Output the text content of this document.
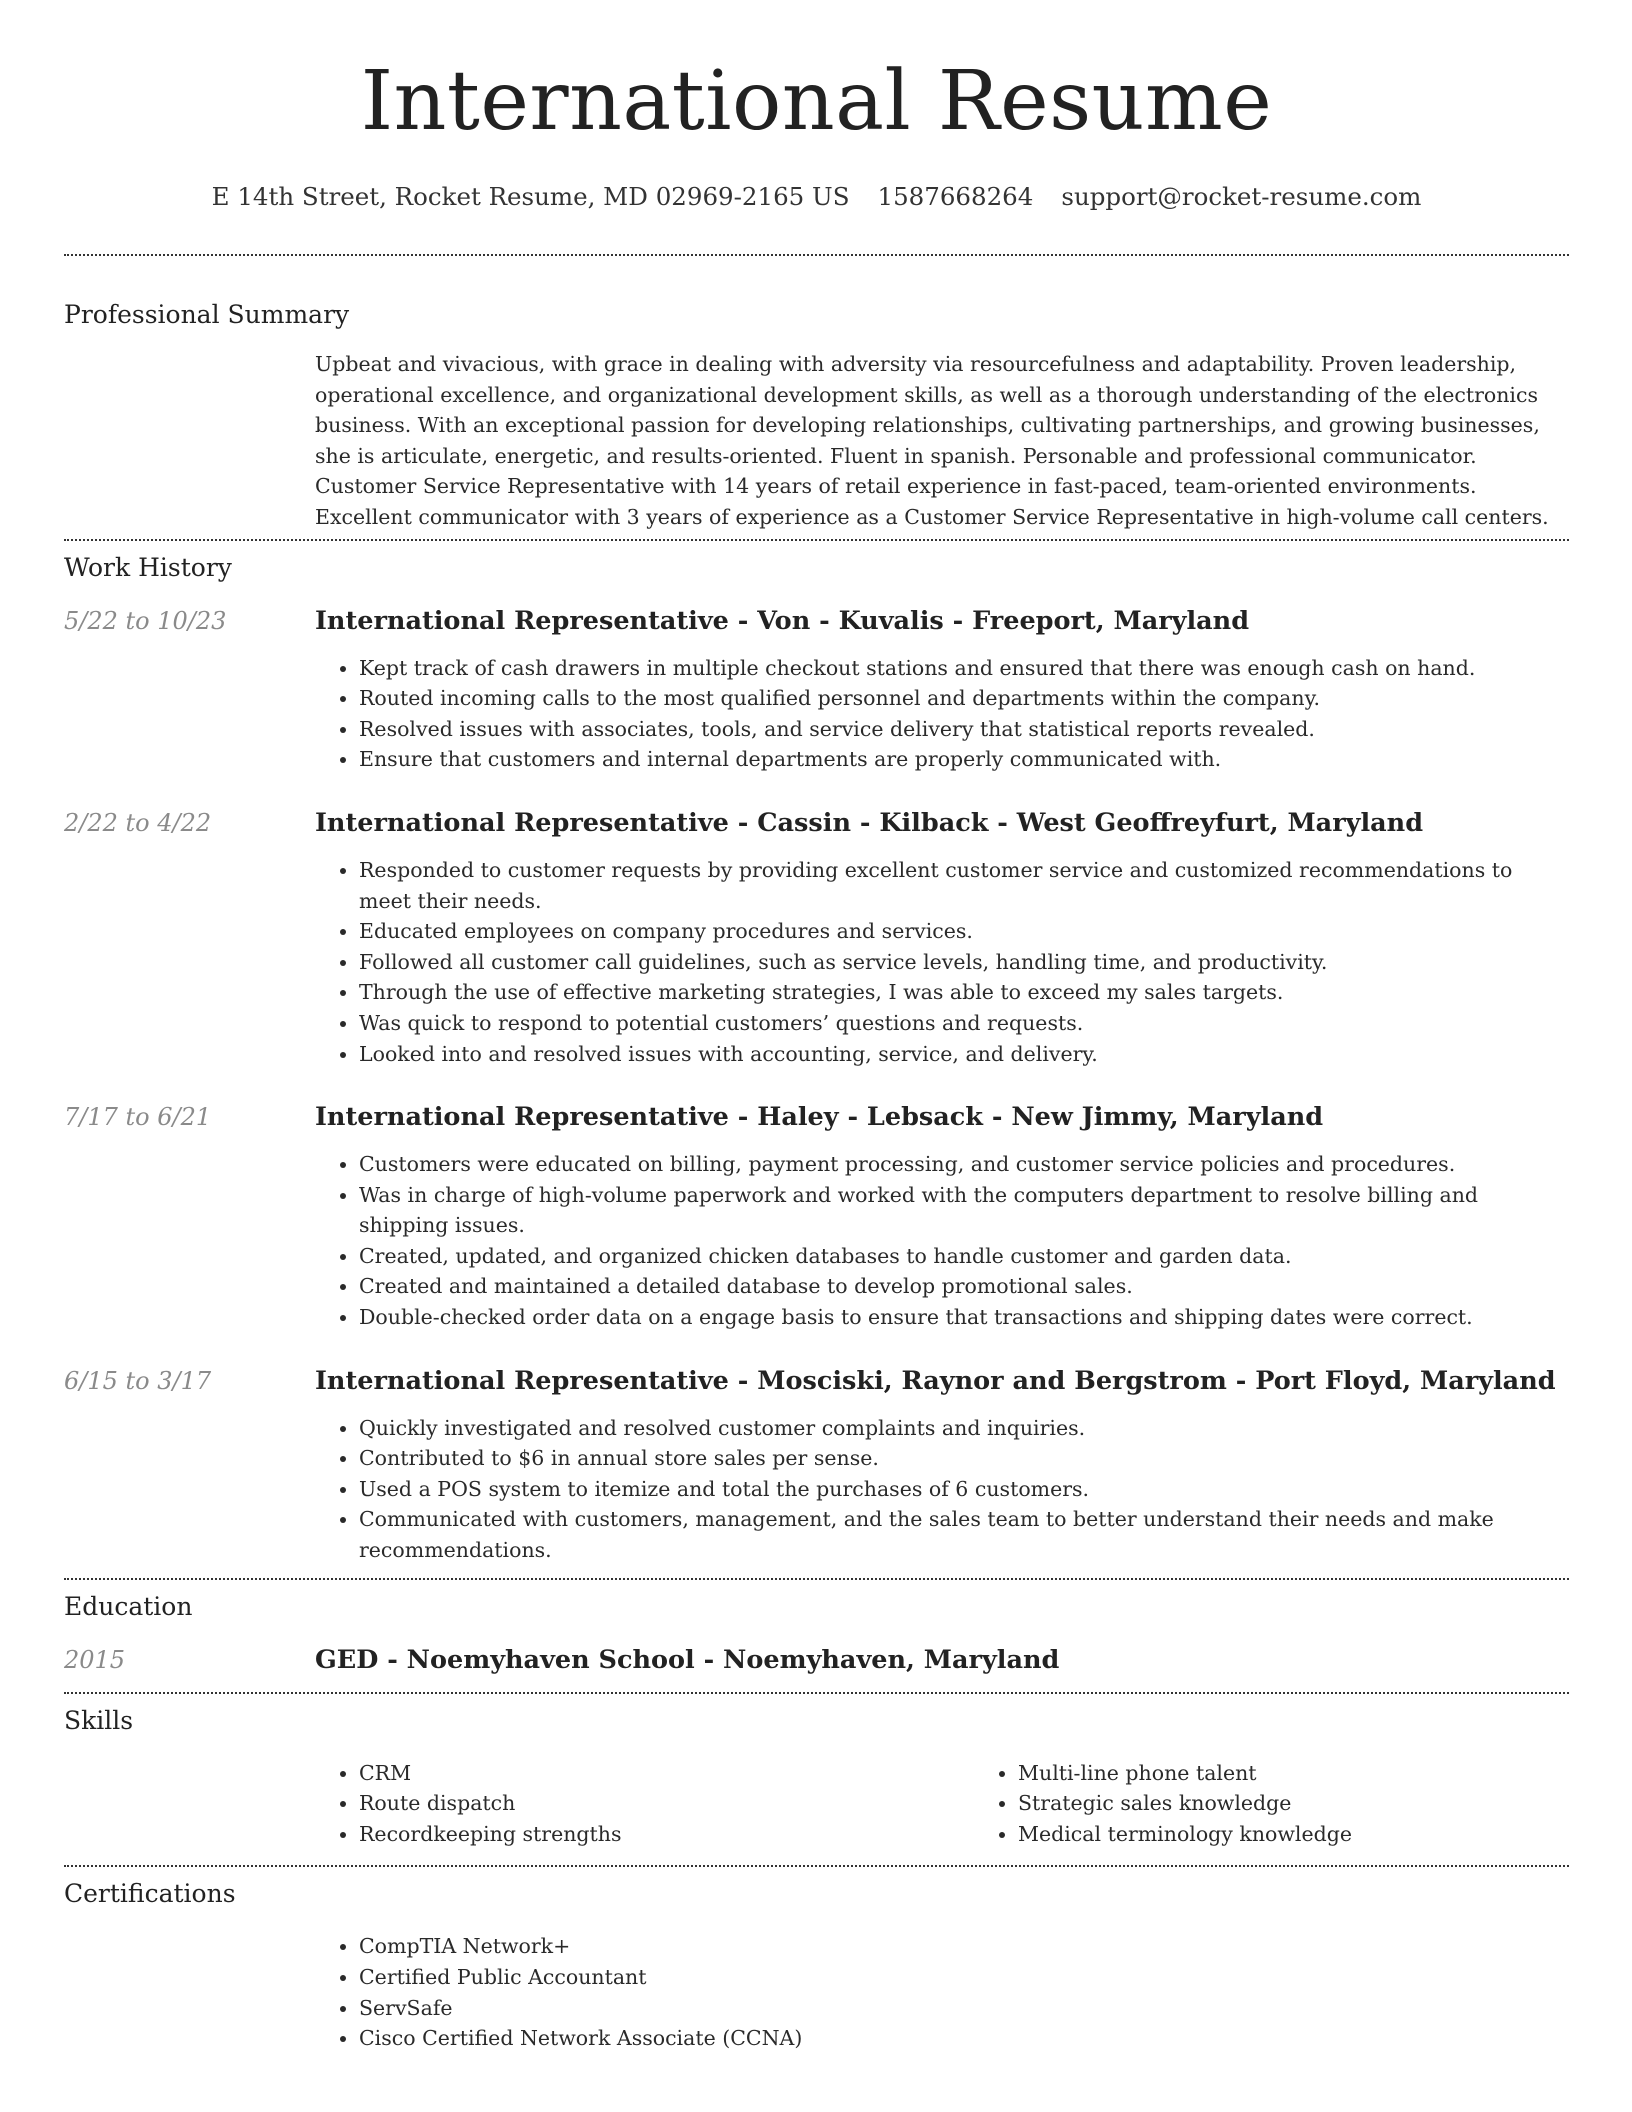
International Resume
E 14th Street, Rocket Resume, MD 02969-2165 US 1587668264 support@rocket-resume.com
Professional Summary

Upbeat and vivacious, with grace in dealing with adversity via resourcefulness and adaptability. Proven leadership, operational excellence, and organizational development skills, as well as a thorough understanding of the electronics business. With an exceptional passion for developing relationships, cultivating partnerships, and growing businesses, she is articulate, energetic, and results-oriented. Fluent in spanish. Personable and professional communicator. Customer Service Representative with 14 years of retail experience in fast-paced, team-oriented environments. Excellent communicator with 3 years of experience as a Customer Service Representative in high-volume call centers.

Work History
5/22 to 10/23	International Representative - Von - Kuvalis - Freeport, Maryland
• Kept track of cash drawers in multiple checkout stations and ensured that there was enough cash on hand.
• Routed incoming calls to the most qualified personnel and departments within the company.
• Resolved issues with associates, tools, and service delivery that statistical reports revealed.
• Ensure that customers and internal departments are properly communicated with.
2/22 to 4/22	International Representative - Cassin - Kilback - West Geoffreyfurt, Maryland
• Responded to customer requests by providing excellent customer service and customized recommendations to meet their needs.
• Educated employees on company procedures and services.
• Followed all customer call guidelines, such as service levels, handling time, and productivity.
• Through the use of effective marketing strategies, I was able to exceed my sales targets.
• Was quick to respond to potential customers’ questions and requests.
• Looked into and resolved issues with accounting, service, and delivery.
7/17 to 6/21	International Representative - Haley - Lebsack - New Jimmy, Maryland
• Customers were educated on billing, payment processing, and customer service policies and procedures.
• Was in charge of high-volume paperwork and worked with the computers department to resolve billing and shipping issues.
• Created, updated, and organized chicken databases to handle customer and garden data.
• Created and maintained a detailed database to develop promotional sales.
• Double-checked order data on a engage basis to ensure that transactions and shipping dates were correct.
6/15 to 3/17	International Representative - Mosciski, Raynor and Bergstrom - Port Floyd, Maryland
• Quickly investigated and resolved customer complaints and inquiries.
• Contributed to $6 in annual store sales per sense.
• Used a POS system to itemize and total the purchases of 6 customers.
• Communicated with customers, management, and the sales team to better understand their needs and make recommendations.
Education
2015	GED - Noemyhaven School - Noemyhaven, Maryland
Skills
• CRM
• Route dispatch
• Recordkeeping strengths
• Multi-line phone talent
• Strategic sales knowledge
• Medical terminology knowledge
Certifications
• CompTIA Network+
• Certified Public Accountant
• ServSafe
• Cisco Certified Network Associate (CCNA)
